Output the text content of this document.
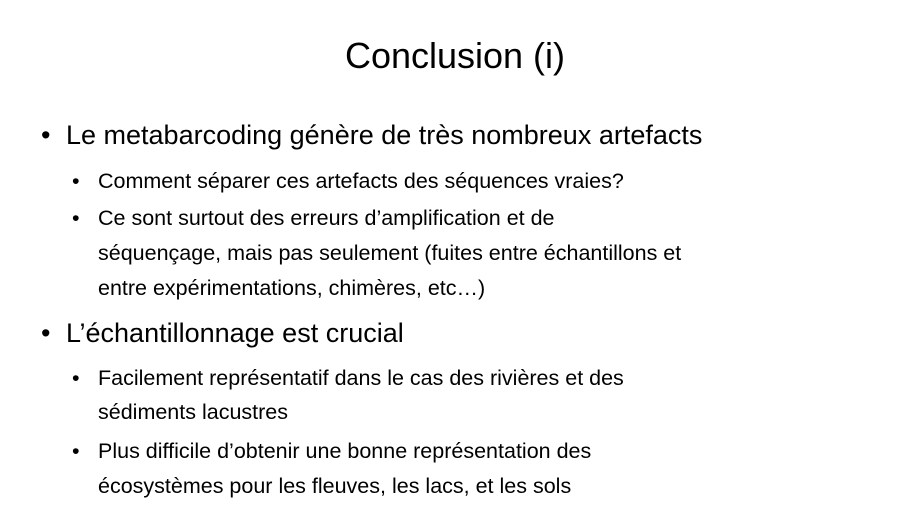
Conclusion (i)
• Le metabarcoding génère de très nombreux artefacts
• Comment séparer ces artefacts des séquences vraies?
• Ce sont surtout des erreurs d’amplification et de
séquençage, mais pas seulement (fuites entre échantillons et
entre expérimentations, chimères, etc…)
• L’échantillonnage est crucial
• Facilement représentatif dans le cas des rivières et des
sédiments lacustres
• Plus difficile d’obtenir une bonne représentation des
écosystèmes pour les fleuves, les lacs, et les sols
